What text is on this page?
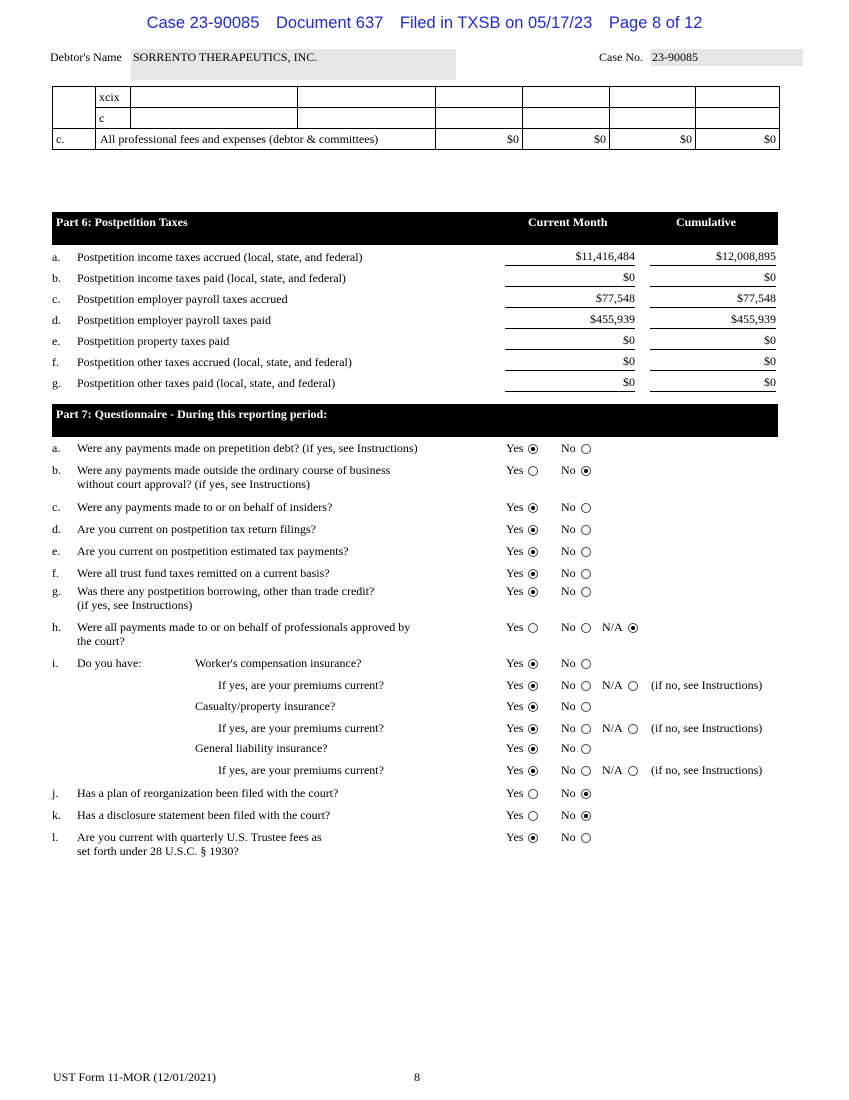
Case 23-90085 Document 637 Filed in TXSB on 05/17/23 Page 8 of 12
Debtor's Name SORRENTO THERAPEUTICS, INC.	Case No. 23-90085
	xcix						
	c						
c.	All professional fees and expenses (debtor & committees)			$0	$0	$0	$0
Part 6: Postpetition Taxes	Current Month	Cumulative
a. Postpetition income taxes accrued (local, state, and federal)	$11,416,484	$12,008,895
b. Postpetition income taxes paid (local, state, and federal)	$0	$0
c. Postpetition employer payroll taxes accrued	$77,548	$77,548
d. Postpetition employer payroll taxes paid	$455,939	$455,939
e. Postpetition property taxes paid	$0	$0
f. Postpetition other taxes accrued (local, state, and federal)	$0	$0
g. Postpetition other taxes paid (local, state, and federal)	$0	$0
Part 7: Questionnaire - During this reporting period:
a. Were any payments made on prepetition debt? (if yes, see Instructions)	Yes	No
b. Were any payments made outside the ordinary course of business
without court approval? (if yes, see Instructions)
Yes	No
c. Were any payments made to or on behalf of insiders?	Yes	No
d. Are you current on postpetition tax return filings?	Yes	No
e. Are you current on postpetition estimated tax payments?	Yes	No
f. Were all trust fund taxes remitted on a current basis?	Yes	No
g. Was there any postpetition borrowing, other than trade credit?
(if yes, see Instructions)
Yes	No
h. Were all payments made to or on behalf of professionals approved by
the court?
Yes	No N/A
i. Do you have:	Worker's compensation insurance?	Yes	No
If yes, are your premiums current?	Yes	No N/A (if no, see Instructions)
Casualty/property insurance?	Yes	No
If yes, are your premiums current?	Yes	No N/A (if no, see Instructions)
General liability insurance?	Yes	No
If yes, are your premiums current?	Yes	No N/A (if no, see Instructions)
j. Has a plan of reorganization been filed with the court?	Yes	No
k. Has a disclosure statement been filed with the court?	Yes	No
l. Are you current with quarterly U.S. Trustee fees as
set forth under 28 U.S.C. § 1930?
Yes	No
UST Form 11-MOR (12/01/2021)	8
